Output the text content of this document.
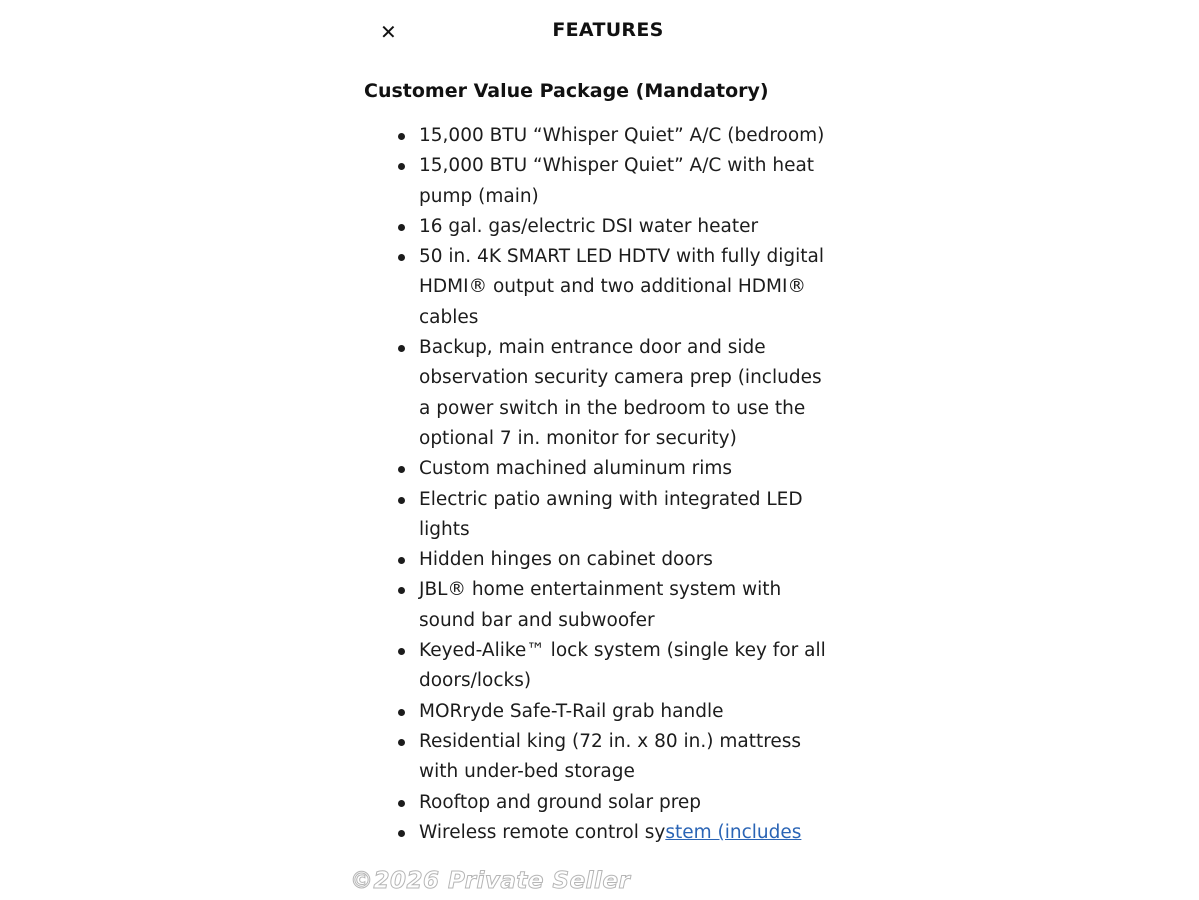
✕	FEATURES
Customer Value Package (Mandatory)
15,000 BTU “Whisper Quiet” A/C (bedroom)
15,000 BTU “Whisper Quiet” A/C with heat pump (main)
16 gal. gas/electric DSI water heater
50 in. 4K SMART LED HDTV with fully digital HDMI® output and two additional HDMI® cables
Backup, main entrance door and side observation security camera prep (includes a power switch in the bedroom to use the optional 7 in. monitor for security)
Custom machined aluminum rims
Electric patio awning with integrated LED lights
Hidden hinges on cabinet doors
JBL® home entertainment system with sound bar and subwoofer
Keyed-Alike™ lock system (single key for all doors/locks)
MORryde Safe-T-Rail grab handle
Residential king (72 in. x 80 in.) mattress with under-bed storage
Rooftop and ground solar prep
Wireless remote control system (includes
©2026 Private Seller
